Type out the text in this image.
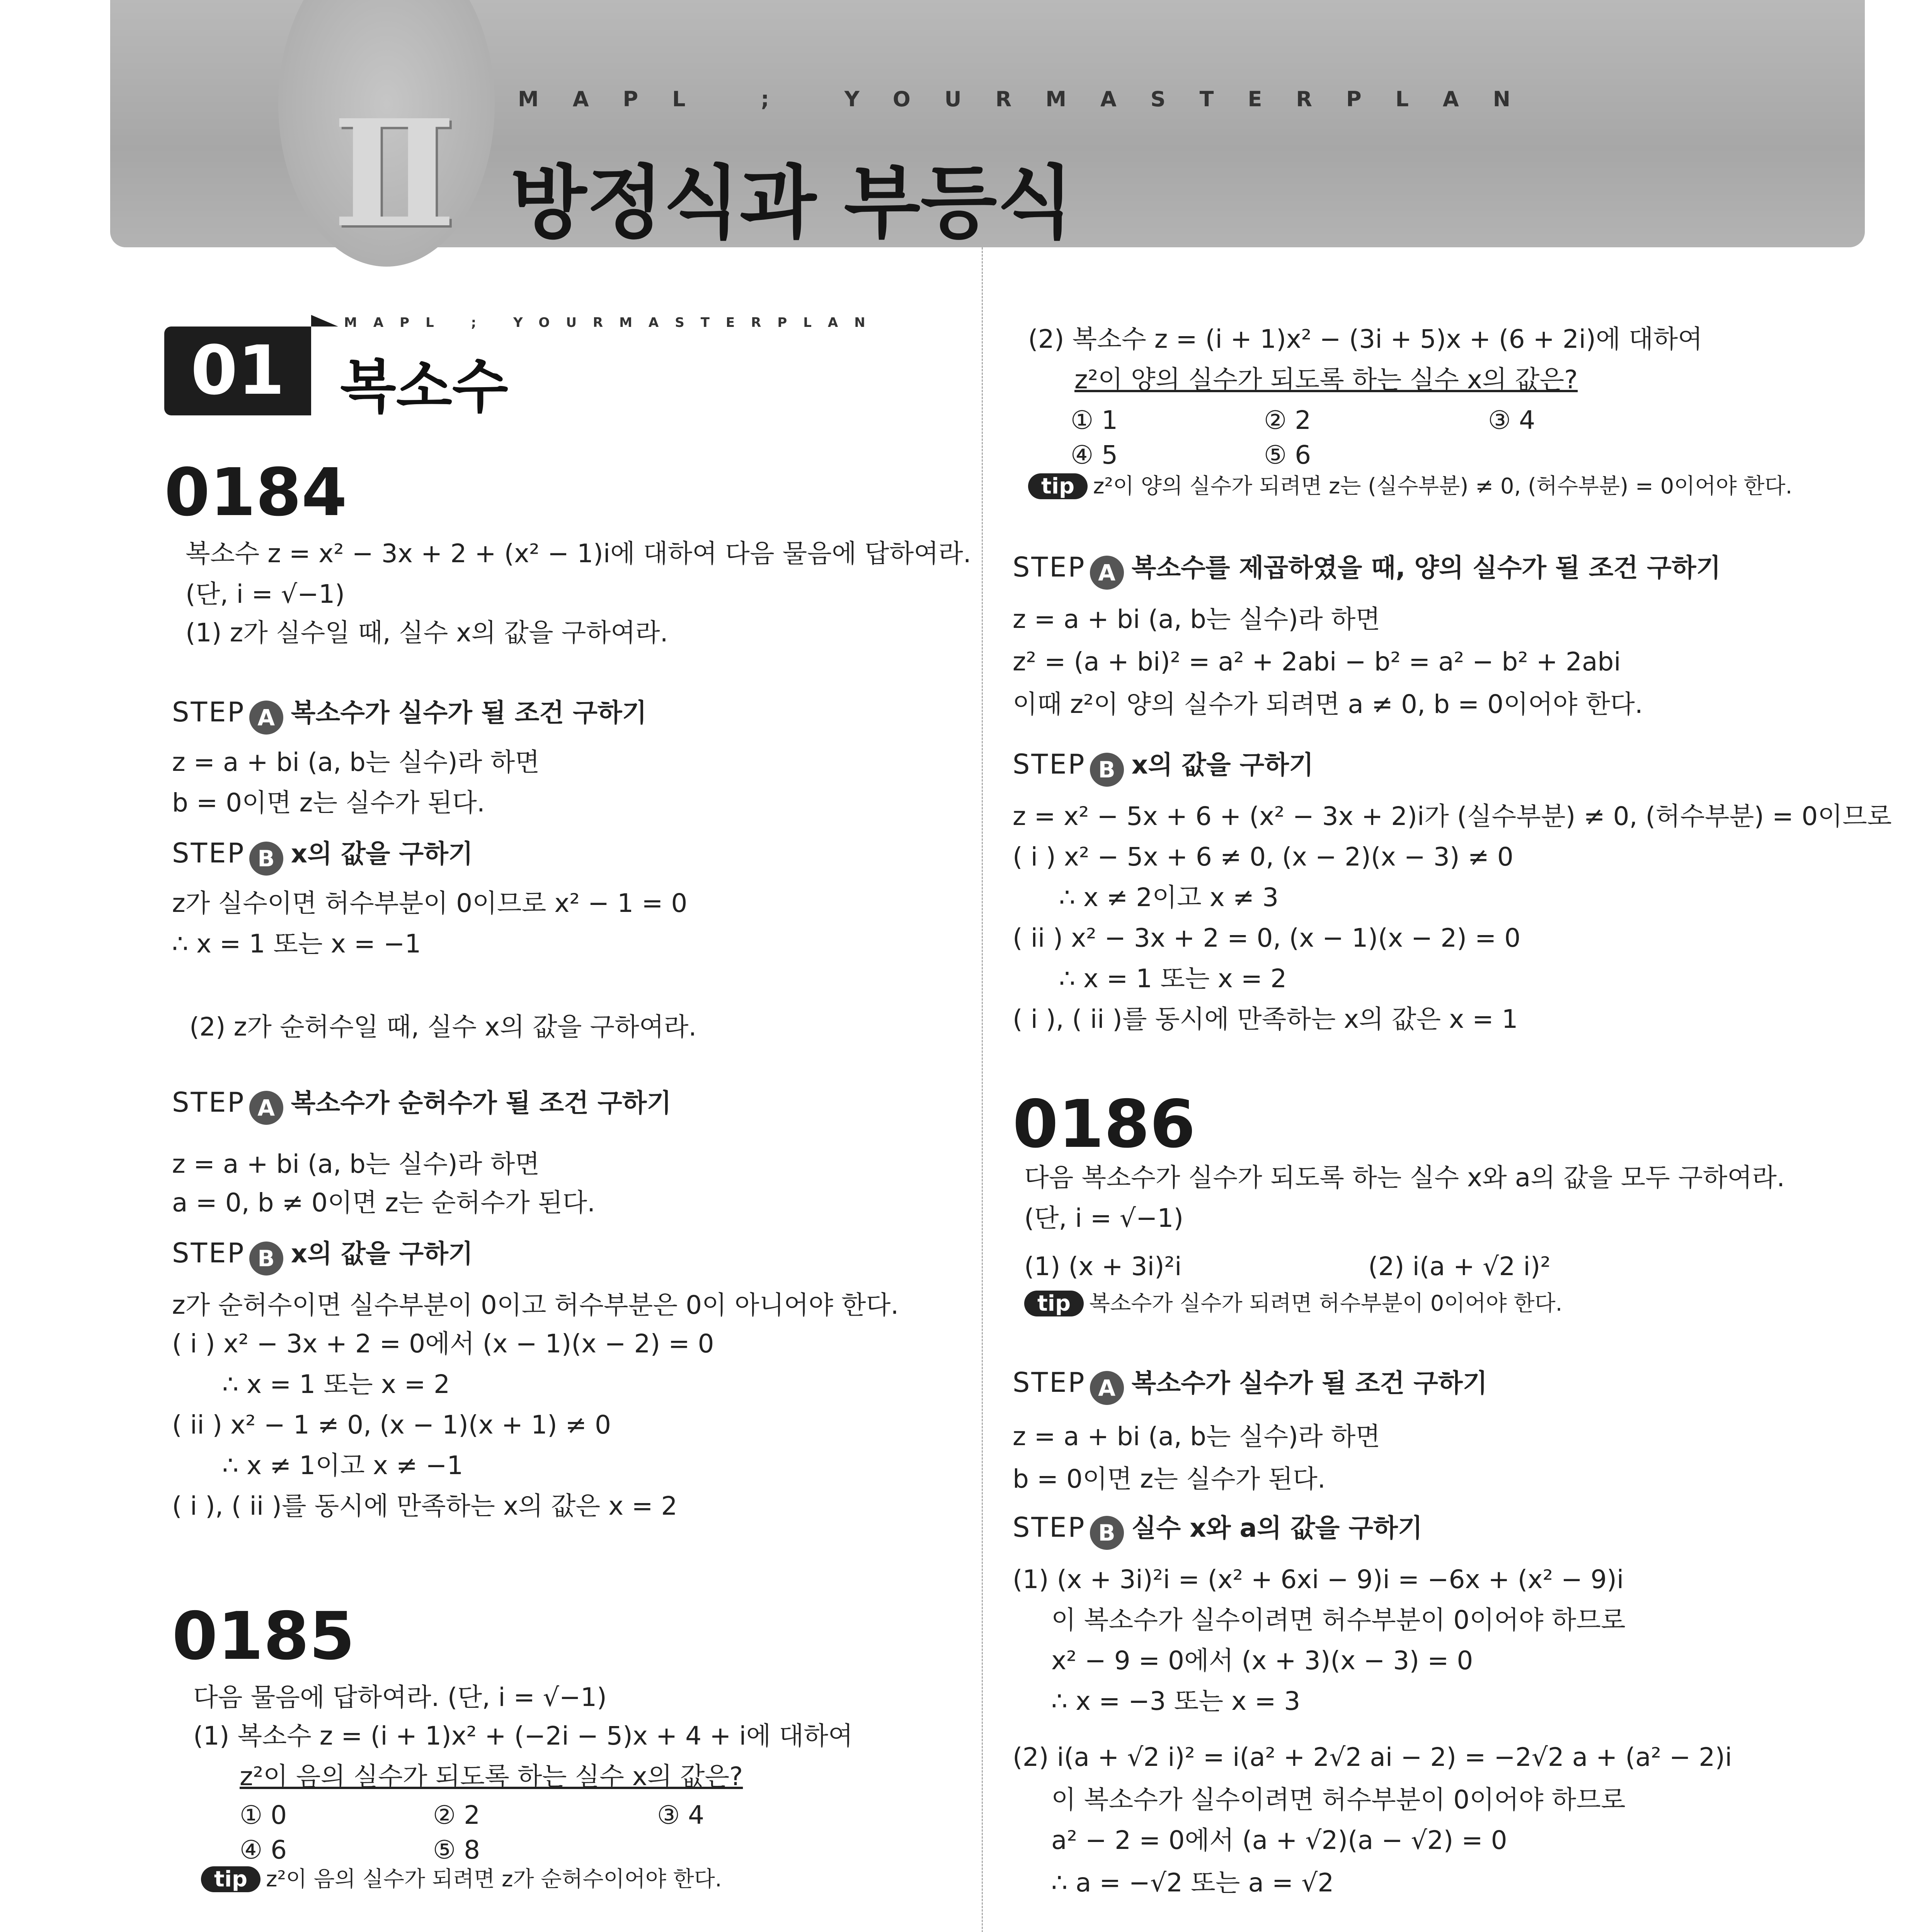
Ⅱ	MAPL ; YOURMASTERPLAN
방정식과 부등식
01
MAPL ; YOURMASTERPLAN
복소수
0184
복소수 z = x² − 3x + 2 + (x² − 1)i에 대하여 다음 물음에 답하여라.
(단, i = √−1)
(1) z가 실수일 때, 실수 x의 값을 구하여라.
STEP A 복소수가 실수가 될 조건 구하기
z = a + bi (a, b는 실수)라 하면
b = 0이면 z는 실수가 된다.
STEP B x의 값을 구하기
z가 실수이면 허수부분이 0이므로 x² − 1 = 0
∴ x = 1 또는 x = −1
(2) z가 순허수일 때, 실수 x의 값을 구하여라.
STEP A 복소수가 순허수가 될 조건 구하기
z = a + bi (a, b는 실수)라 하면
a = 0, b ≠ 0이면 z는 순허수가 된다.
STEP B x의 값을 구하기
z가 순허수이면 실수부분이 0이고 허수부분은 0이 아니어야 한다.
( i ) x² − 3x + 2 = 0에서 (x − 1)(x − 2) = 0
∴ x = 1 또는 x = 2
( ii ) x² − 1 ≠ 0, (x − 1)(x + 1) ≠ 0
∴ x ≠ 1이고 x ≠ −1
( i ), ( ii )를 동시에 만족하는 x의 값은 x = 2
0185
다음 물음에 답하여라. (단, i = √−1)
(1) 복소수 z = (i + 1)x² + (−2i − 5)x + 4 + i에 대하여
z²이 음의 실수가 되도록 하는 실수 x의 값은?
① 0	② 2	③ 4
④ 6	⑤ 8
tip z²이 음의 실수가 되려면 z가 순허수이어야 한다.
(2) 복소수 z = (i + 1)x² − (3i + 5)x + (6 + 2i)에 대하여
z²이 양의 실수가 되도록 하는 실수 x의 값은?
① 1	② 2	③ 4
④ 5	⑤ 6
tip z²이 양의 실수가 되려면 z는 (실수부분) ≠ 0, (허수부분) = 0이어야 한다.
STEP A 복소수를 제곱하였을 때, 양의 실수가 될 조건 구하기
z = a + bi (a, b는 실수)라 하면
z² = (a + bi)² = a² + 2abi − b² = a² − b² + 2abi
이때 z²이 양의 실수가 되려면 a ≠ 0, b = 0이어야 한다.
STEP B x의 값을 구하기
z = x² − 5x + 6 + (x² − 3x + 2)i가 (실수부분) ≠ 0, (허수부분) = 0이므로
( i ) x² − 5x + 6 ≠ 0, (x − 2)(x − 3) ≠ 0
∴ x ≠ 2이고 x ≠ 3
( ii ) x² − 3x + 2 = 0, (x − 1)(x − 2) = 0
∴ x = 1 또는 x = 2
( i ), ( ii )를 동시에 만족하는 x의 값은 x = 1
0186
다음 복소수가 실수가 되도록 하는 실수 x와 a의 값을 모두 구하여라.
(단, i = √−1)
(1) (x + 3i)²i	(2) i(a + √2 i)²
tip 복소수가 실수가 되려면 허수부분이 0이어야 한다.
STEP A 복소수가 실수가 될 조건 구하기
z = a + bi (a, b는 실수)라 하면
b = 0이면 z는 실수가 된다.
STEP B 실수 x와 a의 값을 구하기
(1) (x + 3i)²i = (x² + 6xi − 9)i = −6x + (x² − 9)i
이 복소수가 실수이려면 허수부분이 0이어야 하므로
x² − 9 = 0에서 (x + 3)(x − 3) = 0
∴ x = −3 또는 x = 3
(2) i(a + √2 i)² = i(a² + 2√2 ai − 2) = −2√2 a + (a² − 2)i
이 복소수가 실수이려면 허수부분이 0이어야 하므로
a² − 2 = 0에서 (a + √2)(a − √2) = 0
∴ a = −√2 또는 a = √2
